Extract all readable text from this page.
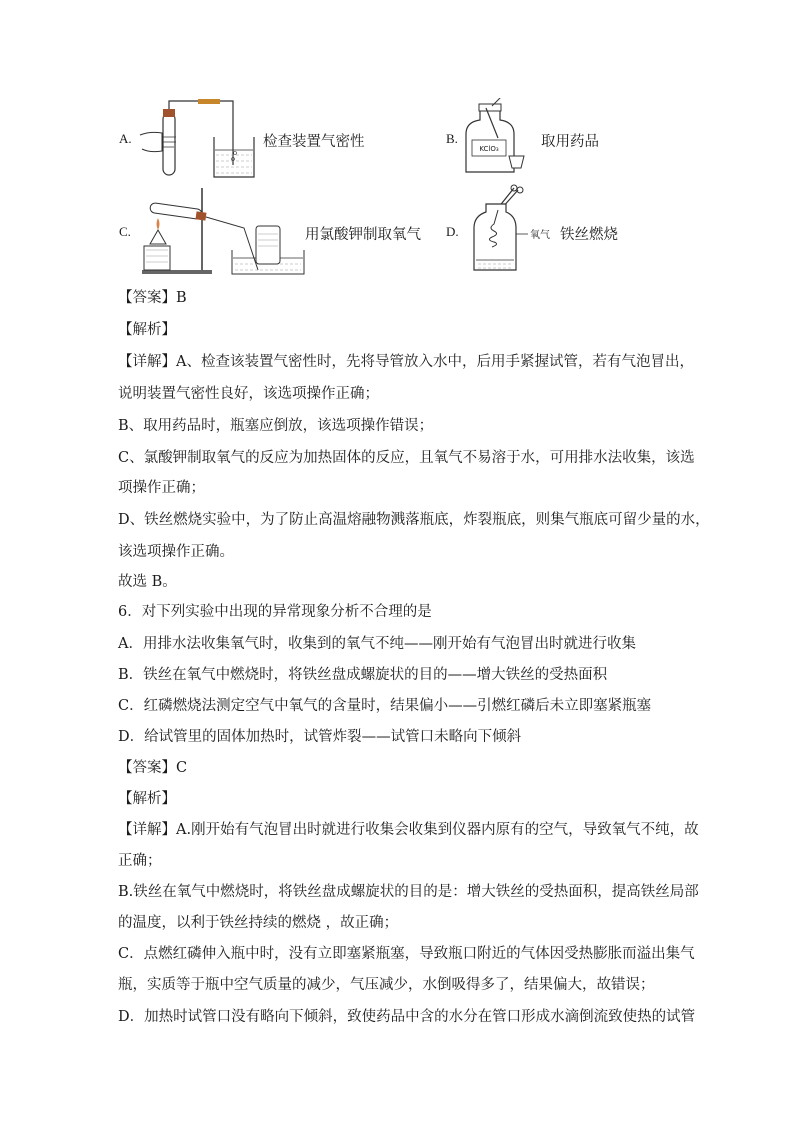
A.	检查装置气密性	B.
KClO₃	取用药品
C.	用氯酸钾制取氧气 D.	氧气 铁丝燃烧
【答案】B
【解析】
【详解】A、检查该装置气密性时，先将导管放入水中，后用手紧握试管，若有气泡冒出，
说明装置气密性良好，该选项操作正确；
B、取用药品时，瓶塞应倒放，该选项操作错误；
C、氯酸钾制取氧气的反应为加热固体的反应，且氧气不易溶于水，可用排水法收集，该选
项操作正确；
D、铁丝燃烧实验中，为了防止高温熔融物溅落瓶底，炸裂瓶底，则集气瓶底可留少量的水，
该选项操作正确。
故选 B。
6．对下列实验中出现的异常现象分析不合理的是
A．用排水法收集氧气时，收集到的氧气不纯——刚开始有气泡冒出时就进行收集
B．铁丝在氧气中燃烧时，将铁丝盘成螺旋状的目的——增大铁丝的受热面积
C．红磷燃烧法测定空气中氧气的含量时，结果偏小——引燃红磷后未立即塞紧瓶塞
D．给试管里的固体加热时，试管炸裂——试管口未略向下倾斜
【答案】C
【解析】
【详解】A.刚开始有气泡冒出时就进行收集会收集到仪器内原有的空气，导致氧气不纯，故
正确；
B.铁丝在氧气中燃烧时，将铁丝盘成螺旋状的目的是：增大铁丝的受热面积，提高铁丝局部
的温度，以利于铁丝持续的燃烧 ，故正确；
C．点燃红磷伸入瓶中时，没有立即塞紧瓶塞，导致瓶口附近的气体因受热膨胀而溢出集气
瓶，实质等于瓶中空气质量的减少，气压减少，水倒吸得多了，结果偏大，故错误；
D．加热时试管口没有略向下倾斜，致使药品中含的水分在管口形成水滴倒流致使热的试管
